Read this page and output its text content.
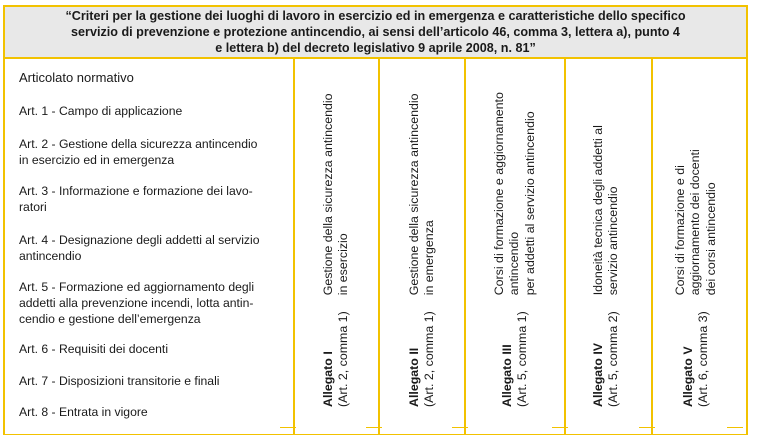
“Criteri per la gestione dei luoghi di lavoro in esercizio ed in emergenza e caratteristiche dello specifico
servizio di prevenzione e protezione antincendio, ai sensi dell’articolo 46, comma 3, lettera a), punto 4
e lettera b) del decreto legislativo 9 aprile 2008, n. 81”
Articolato normativo
Art. 1 - Campo di applicazione
Art. 2 - Gestione della sicurezza antincendio
in esercizio ed in emergenza
Art. 3 - Informazione e formazione dei lavo-
ratori
Art. 4 - Designazione degli addetti al servizio
antincendio
Art. 5 - Formazione ed aggiornamento degli
addetti alla prevenzione incendi, lotta antin-
cendio e gestione dell’emergenza
Art. 6 - Requisiti dei docenti
Art. 7 - Disposizioni transitorie e finali
Art. 8 - Entrata in vigore
Allegato I (Art. 2, comma 1)
Gestione della sicurezza antincendio in esercizio
Allegato II (Art. 2, comma 1)
Gestione della sicurezza antincendio in emergenza
Allegato III (Art. 5, comma 1)
Corsi di formazione e aggiornamento antincendio per addetti al servizio antincendio
Allegato IV (Art. 5, comma 2)
Idoneità tecnica degli addetti al servizio antincendio
Allegato V (Art. 6, comma 3)
Corsi di formazione e di aggiornamento dei docenti dei corsi antincendio
